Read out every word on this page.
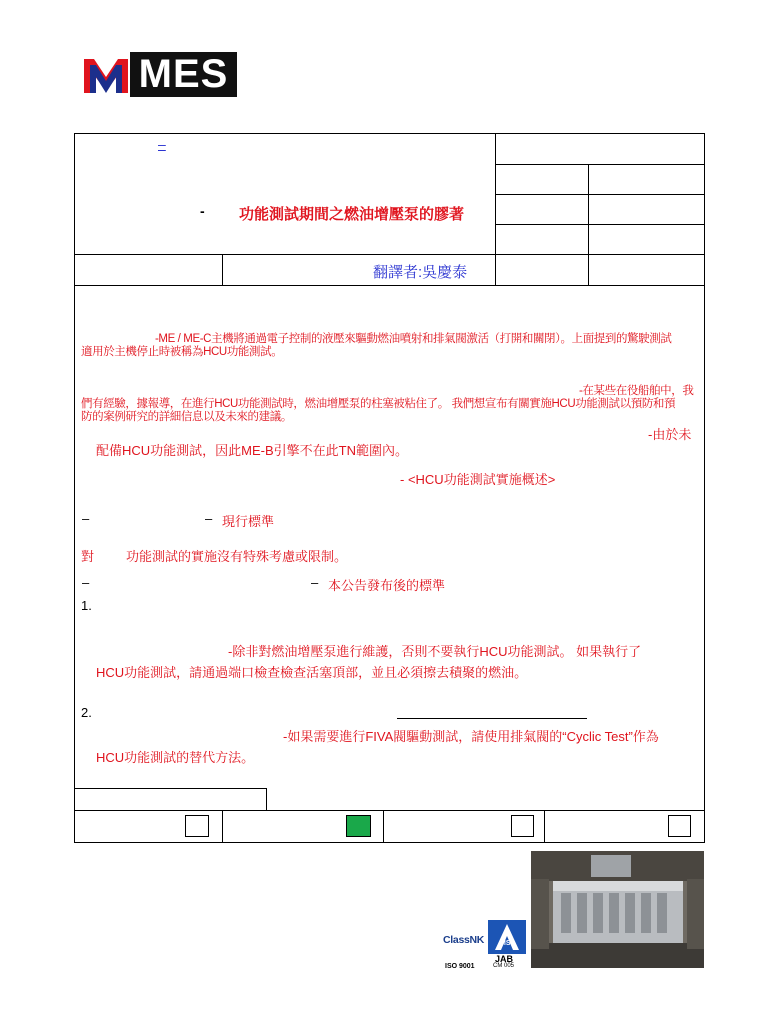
MES
–
- 功能測試期間之燃油增壓泵的膠著
翻譯者:吳慶泰
-ME / ME-C主機將通過電子控制的液壓來驅動燃油噴射和排氣閥激活（打開和關閉）。上面提到的驚駛測試
適用於主機停止時被稱為HCU功能測試。
-在某些在役船舶中，我
們有經驗，據報導，在進行HCU功能測試時，燃油增壓泵的柱塞被粘住了。 我們想宣布有關實施HCU功能測試以預防和預
防的案例研究的詳細信息以及未來的建議。
-由於未
配備HCU功能測試，因此ME-B引擎不在此TN範圍內。
- <HCU功能測試實施概述>
–	– 現行標準
對 功能測試的實施沒有特殊考慮或限制。
–	– 本公告發布後的標準
1.
-除非對燃油增壓泵進行維護，否則不要執行HCU功能測試。 如果執行了
HCU功能測試，請通過端口檢查檢查活塞頂部，並且必須擦去積聚的燃油。
2.
-如果需要進行FIVA閥驅動測試，請使用排氣閥的“Cyclic Test”作為
HCU功能測試的替代方法。
ClassNK MS
JAB
ISO 9001	CM 005
